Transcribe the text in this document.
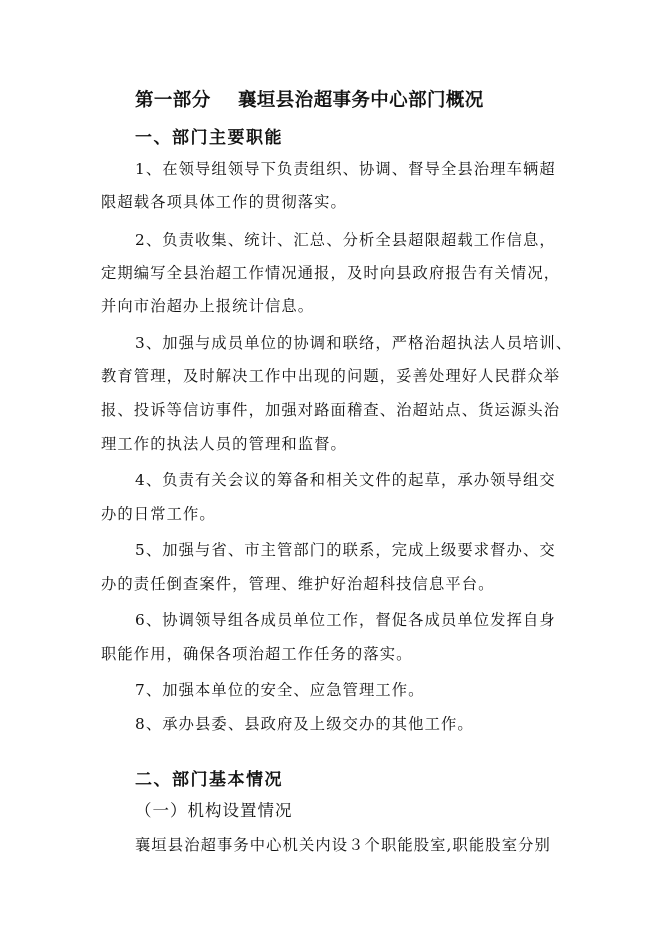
第一部分    襄垣县治超事务中心部门概况
一、部门主要职能

1、在领导组领导下负责组织、协调、督导全县治理车辆超

限超载各项具体工作的贯彻落实。

2、负责收集、统计、汇总、分析全县超限超载工作信息，

定期编写全县治超工作情况通报，及时向县政府报告有关情况，

并向市治超办上报统计信息。

3、加强与成员单位的协调和联络，严格治超执法人员培训、

教育管理，及时解决工作中出现的问题，妥善处理好人民群众举

报、投诉等信访事件，加强对路面稽查、治超站点、货运源头治

理工作的执法人员的管理和监督。

4、负责有关会议的筹备和相关文件的起草，承办领导组交

办的日常工作。

5、加强与省、市主管部门的联系，完成上级要求督办、交

办的责任倒查案件，管理、维护好治超科技信息平台。

6、协调领导组各成员单位工作，督促各成员单位发挥自身

职能作用，确保各项治超工作任务的落实。

7、加强本单位的安全、应急管理工作。

8、承办县委、县政府及上级交办的其他工作。

二、部门基本情况

（一）机构设置情况

襄垣县治超事务中心机关内设３个职能股室,职能股室分别
